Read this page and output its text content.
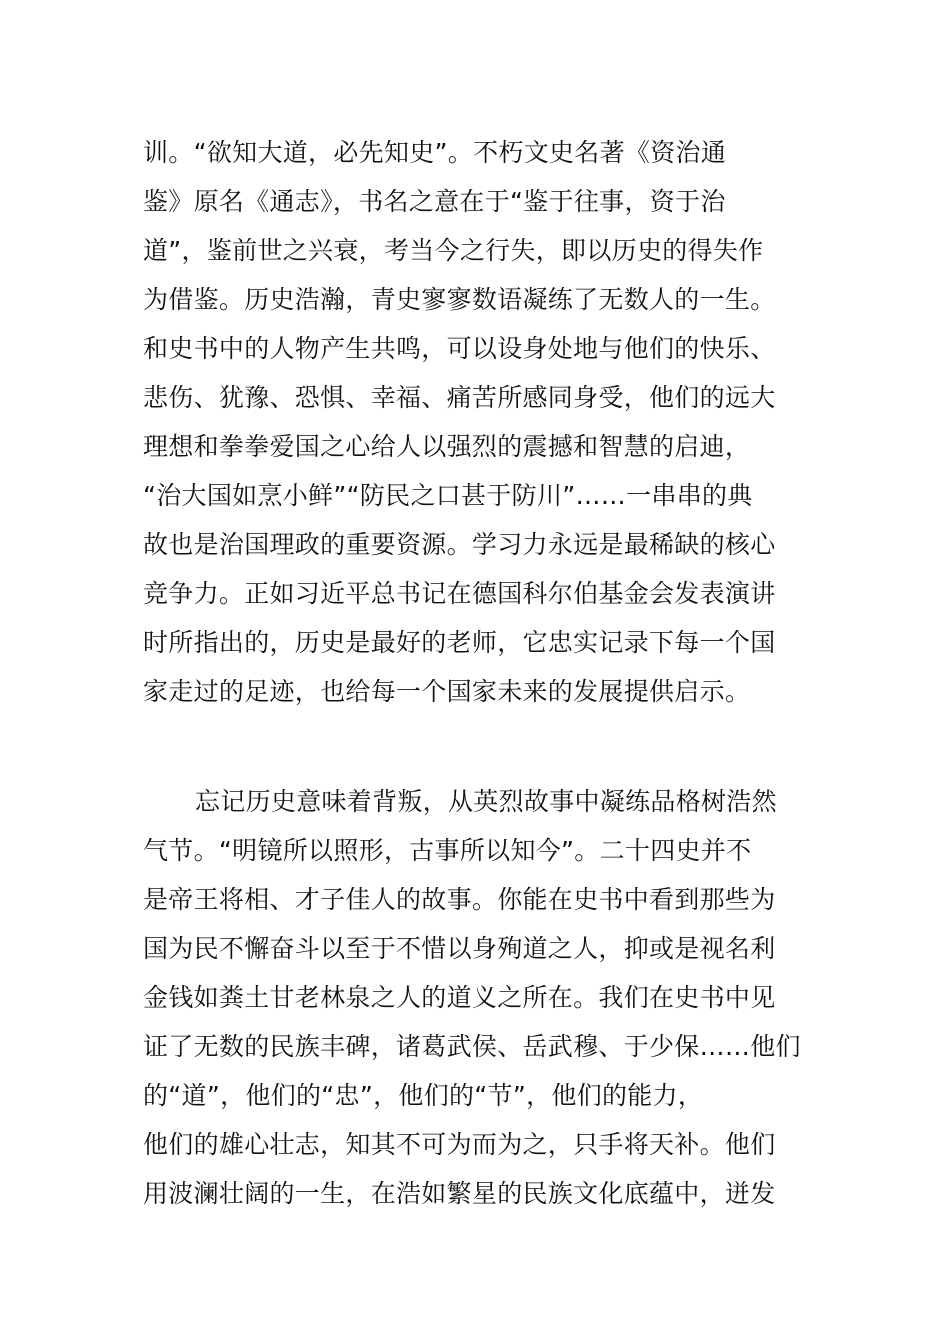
训。“欲知大道，必先知史”。不朽文史名著《资治通
鉴》原名《通志》，书名之意在于“鉴于往事，资于治
道”，鉴前世之兴衰，考当今之行失，即以历史的得失作
为借鉴。历史浩瀚，青史寥寥数语凝练了无数人的一生。
和史书中的人物产生共鸣，可以设身处地与他们的快乐、
悲伤、犹豫、恐惧、幸福、痛苦所感同身受，他们的远大
理想和拳拳爱国之心给人以强烈的震撼和智慧的启迪，
“治大国如烹小鲜”“防民之口甚于防川”……一串串的典
故也是治国理政的重要资源。学习力永远是最稀缺的核心
竞争力。正如习近平总书记在德国科尔伯基金会发表演讲
时所指出的，历史是最好的老师，它忠实记录下每一个国
家走过的足迹，也给每一个国家未来的发展提供启示。
忘记历史意味着背叛，从英烈故事中凝练品格树浩然
气节。“明镜所以照形，古事所以知今”。二十四史并不
是帝王将相、才子佳人的故事。你能在史书中看到那些为
国为民不懈奋斗以至于不惜以身殉道之人，抑或是视名利
金钱如粪土甘老林泉之人的道义之所在。我们在史书中见
证了无数的民族丰碑，诸葛武侯、岳武穆、于少保……他们
的“道”，他们的“忠”，他们的“节”，他们的能力，
他们的雄心壮志，知其不可为而为之，只手将天补。他们
用波澜壮阔的一生，在浩如繁星的民族文化底蕴中，迸发
